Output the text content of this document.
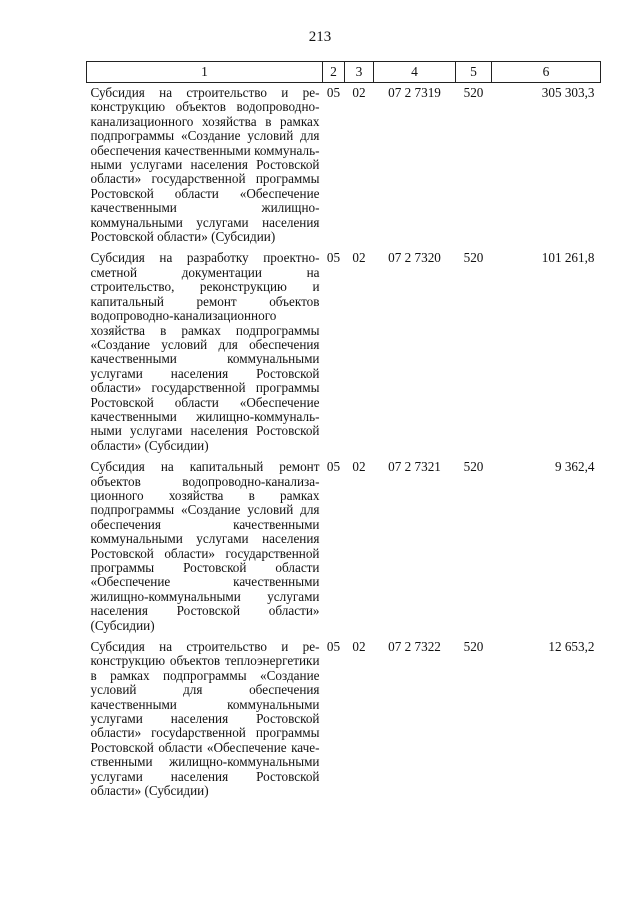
213
1	2	3	4	5	6
Субсидия на строительство и реконструкцию объектов водопроводно-канализационного хозяйства в рамках подпрограммы «Создание условий для обеспечения качественными коммунальными услугами населения Ростовской области» государственной программы Ростовской области «Обеспечение качественными жилищно-коммунальными услугами населения Ростовской области» (Субсидии)	05	02	07 2 7319	520	305 303,3
Субсидия на разработку проектно-сметной документации на строительство, реконструкцию и капитальный ремонт объектов водопроводно-канализационного хозяйства в рамках подпрограммы «Создание условий для обеспечения качественными коммунальными услугами населения Ростовской области» государственной программы Ростовской области «Обеспечение качественными жилищно-коммунальными услугами населения Ростовской области» (Субсидии)	05	02	07 2 7320	520	101 261,8
Субсидия на капитальный ремонт объектов водопроводно-канализационного хозяйства в рамках подпрограммы «Создание условий для обеспечения качественными коммунальными услугами населения Ростовской области» государственной программы Ростовской области «Обеспечение качественными жилищно-коммунальными услугами населения Ростовской области» (Субсидии)	05	02	07 2 7321	520	9 362,4
Субсидия на строительство и реконструкцию объектов теплоэнергетики в рамках подпрограммы «Создание условий для обеспечения качественными коммунальными услугами населения Ростовской области» госуdарственной программы Ростовской области «Обеспечение качественными жилищно-коммунальными услугами населения Ростовской области» (Субсидии)	05	02	07 2 7322	520	12 653,2
